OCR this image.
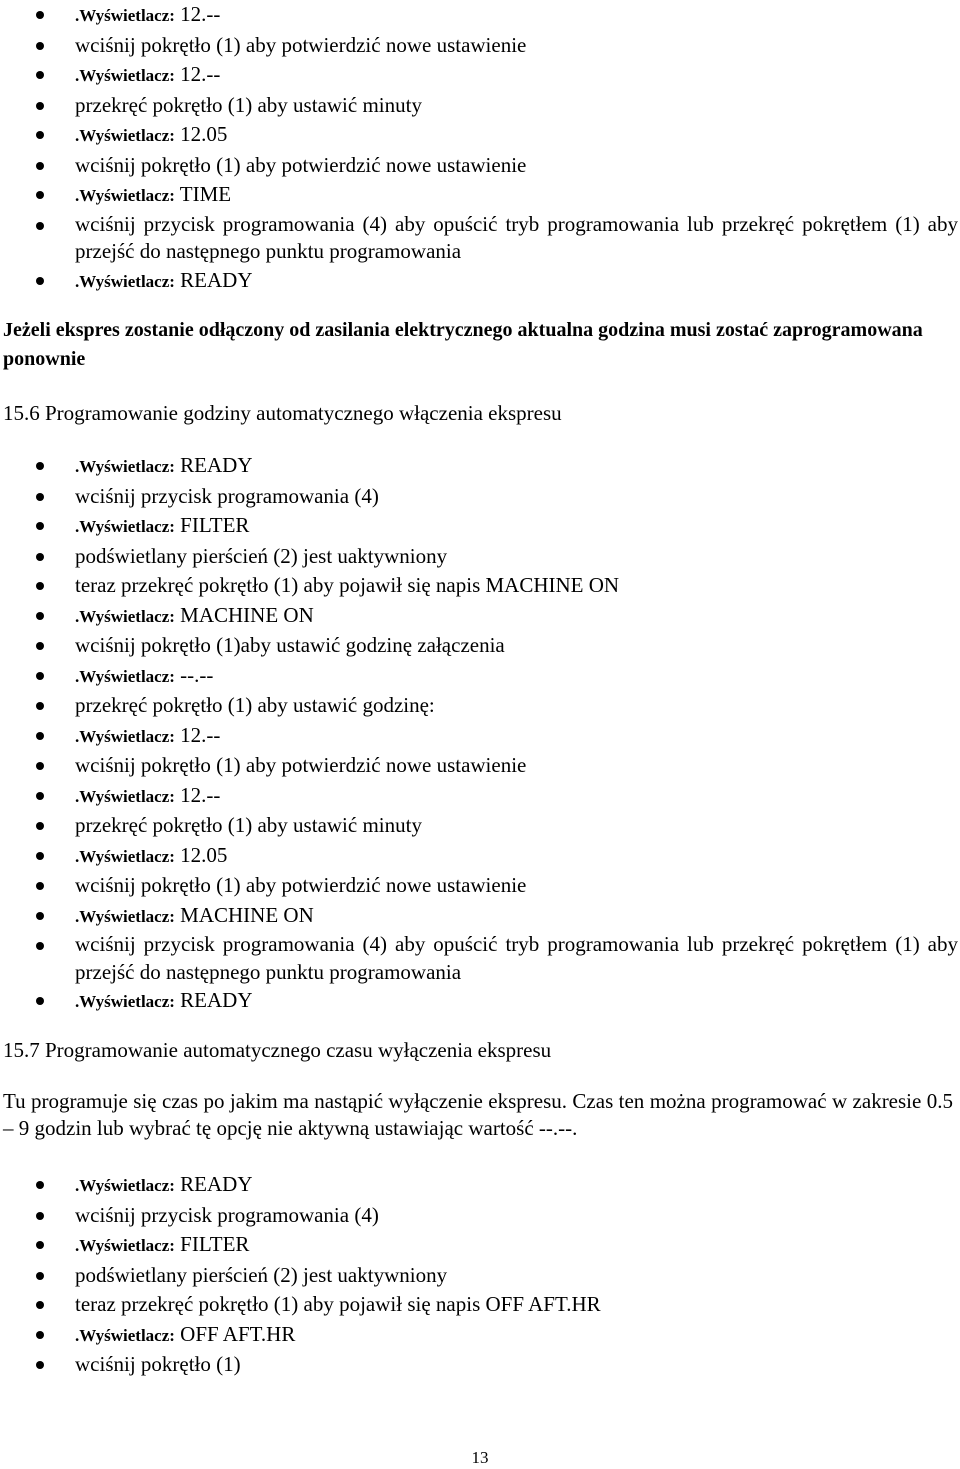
.Wyświetlacz: 12.--
wciśnij pokrętło (1) aby potwierdzić nowe ustawienie
.Wyświetlacz: 12.--
przekręć pokrętło (1) aby ustawić minuty
.Wyświetlacz: 12.05
wciśnij pokrętło (1) aby potwierdzić nowe ustawienie
.Wyświetlacz: TIME
wciśnij przycisk programowania (4) aby opuścić tryb programowania lub przekręć pokrętłem (1) aby przejść do następnego punktu programowania
.Wyświetlacz: READY
Jeżeli ekspres zostanie odłączony od zasilania elektrycznego aktualna godzina musi zostać zaprogramowana ponownie
15.6 Programowanie godziny automatycznego włączenia ekspresu
.Wyświetlacz: READY
wciśnij przycisk programowania (4)
.Wyświetlacz: FILTER
podświetlany pierścień (2) jest uaktywniony
teraz przekręć pokrętło (1) aby pojawił się napis MACHINE ON
.Wyświetlacz: MACHINE ON
wciśnij pokrętło (1)aby ustawić godzinę załączenia
.Wyświetlacz: --.--
przekręć pokrętło (1) aby ustawić godzinę:
.Wyświetlacz: 12.--
wciśnij pokrętło (1) aby potwierdzić nowe ustawienie
.Wyświetlacz: 12.--
przekręć pokrętło (1) aby ustawić minuty
.Wyświetlacz: 12.05
wciśnij pokrętło (1) aby potwierdzić nowe ustawienie
.Wyświetlacz: MACHINE ON
wciśnij przycisk programowania (4) aby opuścić tryb programowania lub przekręć pokrętłem (1) aby przejść do następnego punktu programowania
.Wyświetlacz: READY
15.7 Programowanie automatycznego czasu wyłączenia ekspresu
Tu programuje się czas po jakim ma nastąpić wyłączenie ekspresu. Czas ten można programować w zakresie 0.5 – 9 godzin lub wybrać tę opcję nie aktywną ustawiając wartość --.--.
.Wyświetlacz: READY
wciśnij przycisk programowania (4)
.Wyświetlacz: FILTER
podświetlany pierścień (2) jest uaktywniony
teraz przekręć pokrętło (1) aby pojawił się napis OFF AFT.HR
.Wyświetlacz: OFF AFT.HR
wciśnij pokrętło (1)
13
